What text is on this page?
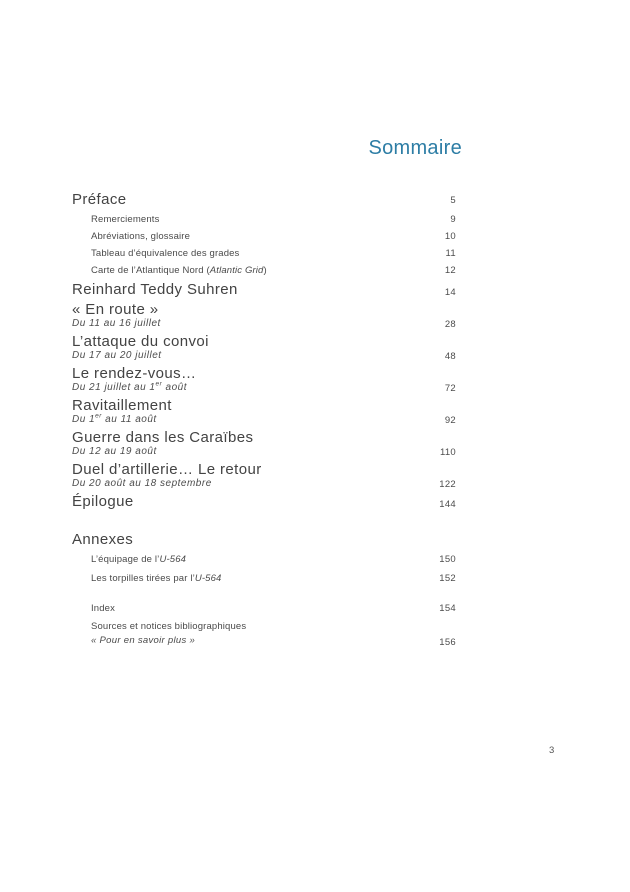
Sommaire
Préface	5
Remerciements	9
Abréviations, glossaire	10
Tableau d’équivalence des grades	11
Carte de l’Atlantique Nord (Atlantic Grid)	12
Reinhard Teddy Suhren	14
« En route »
Du 11 au 16 juillet	28
L’attaque du convoi
Du 17 au 20 juillet	48
Le rendez-vous…
Du 21 juillet au 1er août	72
Ravitaillement
Du 1er au 11 août	92
Guerre dans les Caraïbes
Du 12 au 19 août	110
Duel d’artillerie… Le retour
Du 20 août au 18 septembre	122
Épilogue	144
Annexes
L’équipage de l’U-564	150
Les torpilles tirées par l’U-564	152
Index	154
Sources et notices bibliographiques
« Pour en savoir plus »	156
3
